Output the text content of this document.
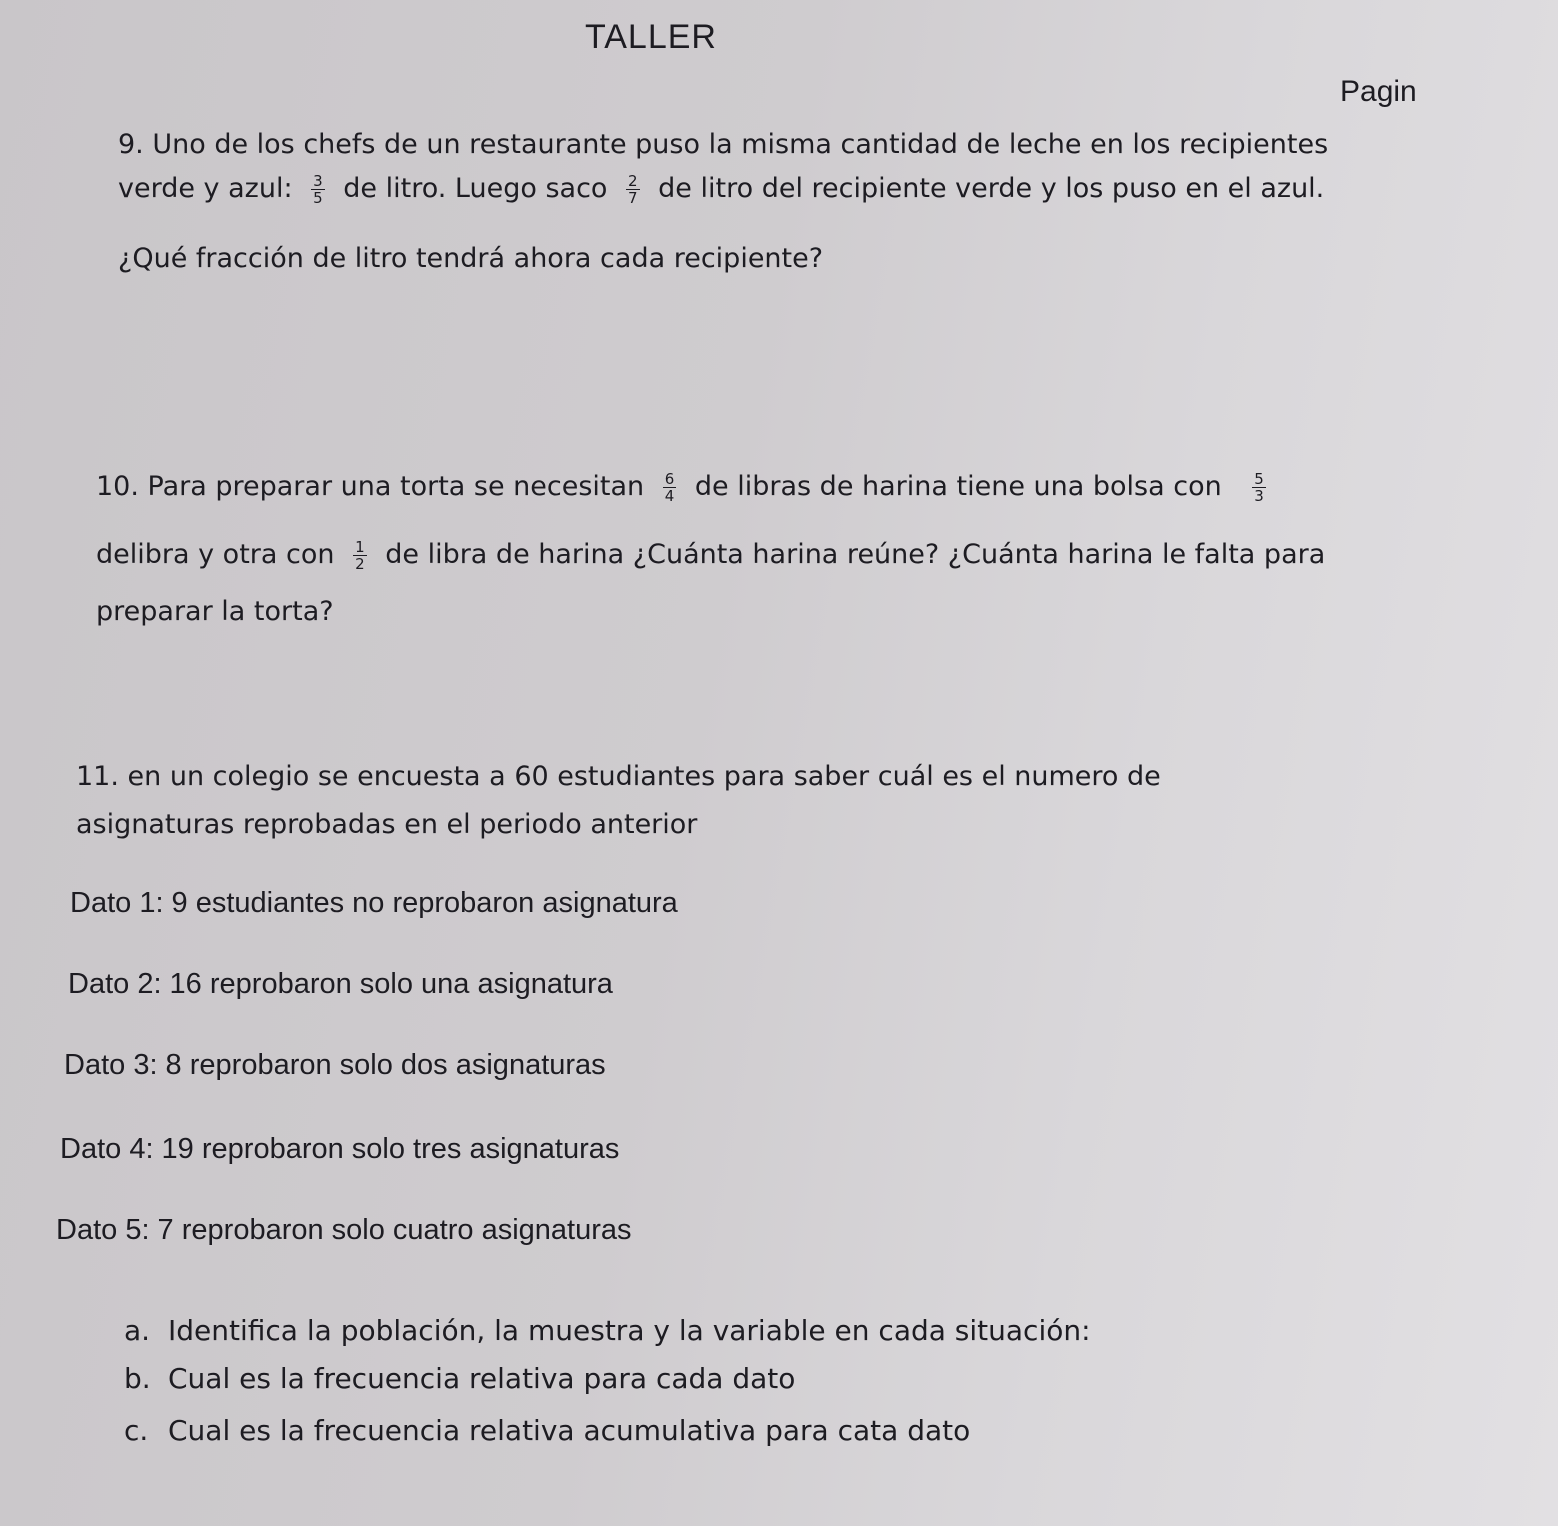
TALLER
Pagin
9. Uno de los chefs de un restaurante puso la misma cantidad de leche en los recipientes
verde y azul: $\frac{3}{5}$ de litro. Luego saco $\frac{2}{7}$ de litro del recipiente verde y los puso en el azul.
¿Qué fracción de litro tendrá ahora cada recipiente?
10. Para preparar una torta se necesitan $\frac{6}{4}$ de libras de harina tiene una bolsa con $\frac{5}{3}$
delibra y otra con $\frac{1}{2}$ de libra de harina ¿Cuánta harina reúne? ¿Cuánta harina le falta para
preparar la torta?
11. en un colegio se encuesta a 60 estudiantes para saber cuál es el numero de
asignaturas reprobadas en el periodo anterior
Dato 1: 9 estudiantes no reprobaron asignatura
Dato 2: 16 reprobaron solo una asignatura
Dato 3: 8 reprobaron solo dos asignaturas
Dato 4: 19 reprobaron solo tres asignaturas
Dato 5: 7 reprobaron solo cuatro asignaturas
a. Identifica la población, la muestra y la variable en cada situación:
b. Cual es la frecuencia relativa para cada dato
c. Cual es la frecuencia relativa acumulativa para cata dato
